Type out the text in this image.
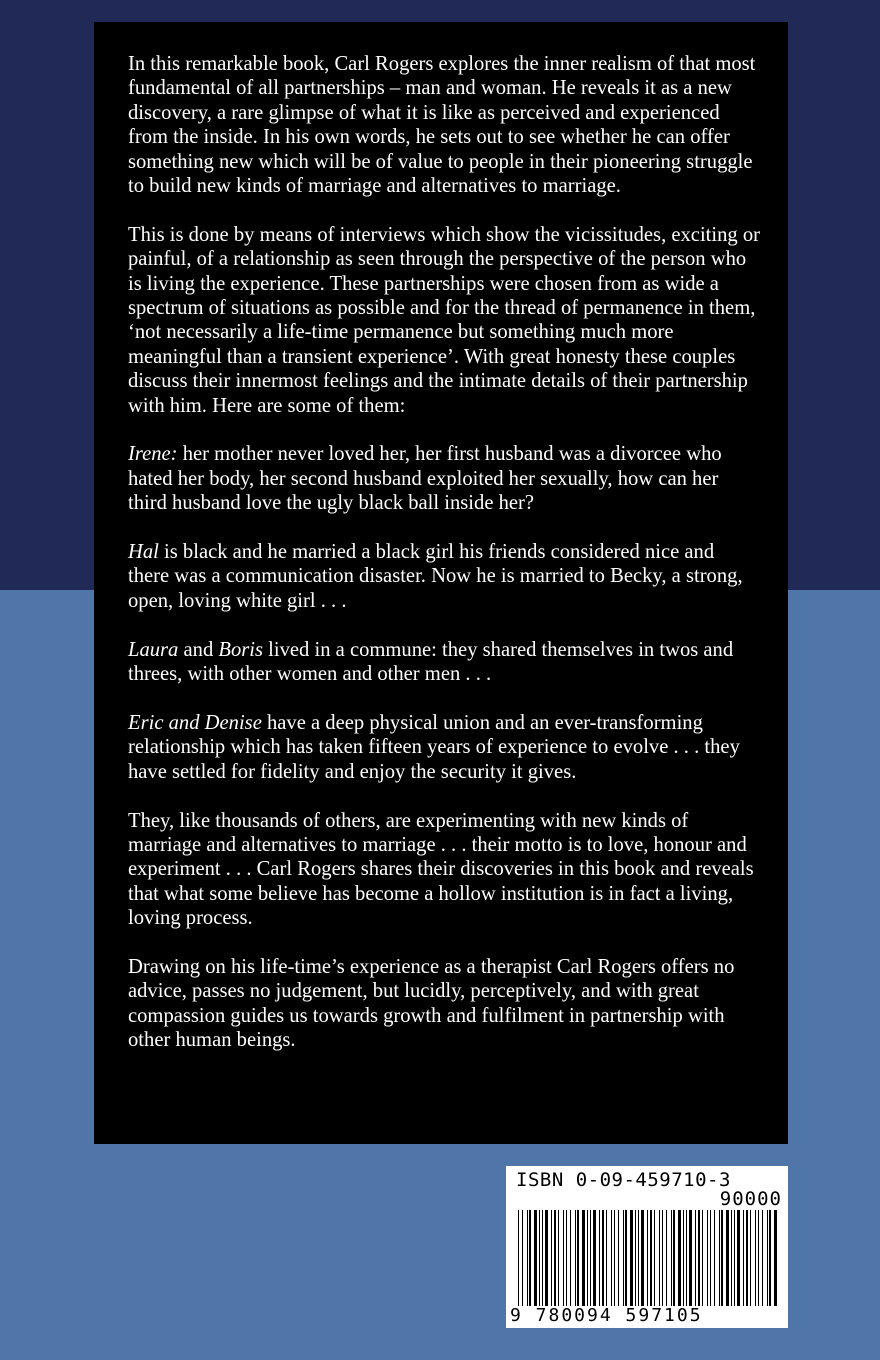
In this remarkable book, Carl Rogers explores the inner realism of that most fundamental of all partnerships – man and woman. He reveals it as a new discovery, a rare glimpse of what it is like as perceived and experienced from the inside. In his own words, he sets out to see whether he can offer something new which will be of value to people in their pioneering struggle to build new kinds of marriage and alternatives to marriage.

This is done by means of interviews which show the vicissitudes, exciting or painful, of a relationship as seen through the perspective of the person who is living the experience. These partnerships were chosen from as wide a spectrum of situations as possible and for the thread of permanence in them, ‘not necessarily a life-time permanence but something much more meaningful than a transient experience’. With great honesty these couples discuss their innermost feelings and the intimate details of their partnership with him. Here are some of them:

Irene: her mother never loved her, her first husband was a divorcee who hated her body, her second husband exploited her sexually, how can her third husband love the ugly black ball inside her?

Hal is black and he married a black girl his friends considered nice and there was a communication disaster. Now he is married to Becky, a strong, open, loving white girl . . .

Laura and Boris lived in a commune: they shared themselves in twos and threes, with other women and other men . . .

Eric and Denise have a deep physical union and an ever-transforming relationship which has taken fifteen years of experience to evolve . . . they have settled for fidelity and enjoy the security it gives.

They, like thousands of others, are experimenting with new kinds of marriage and alternatives to marriage . . . their motto is to love, honour and experiment . . . Carl Rogers shares their discoveries in this book and reveals that what some believe has become a hollow institution is in fact a living, loving process.

Drawing on his life-time’s experience as a therapist Carl Rogers offers no advice, passes no judgement, but lucidly, perceptively, and with great compassion guides us towards growth and fulfilment in partnership with other human beings.

ISBN 0-09-459710-3
90000
9 780094 597105
